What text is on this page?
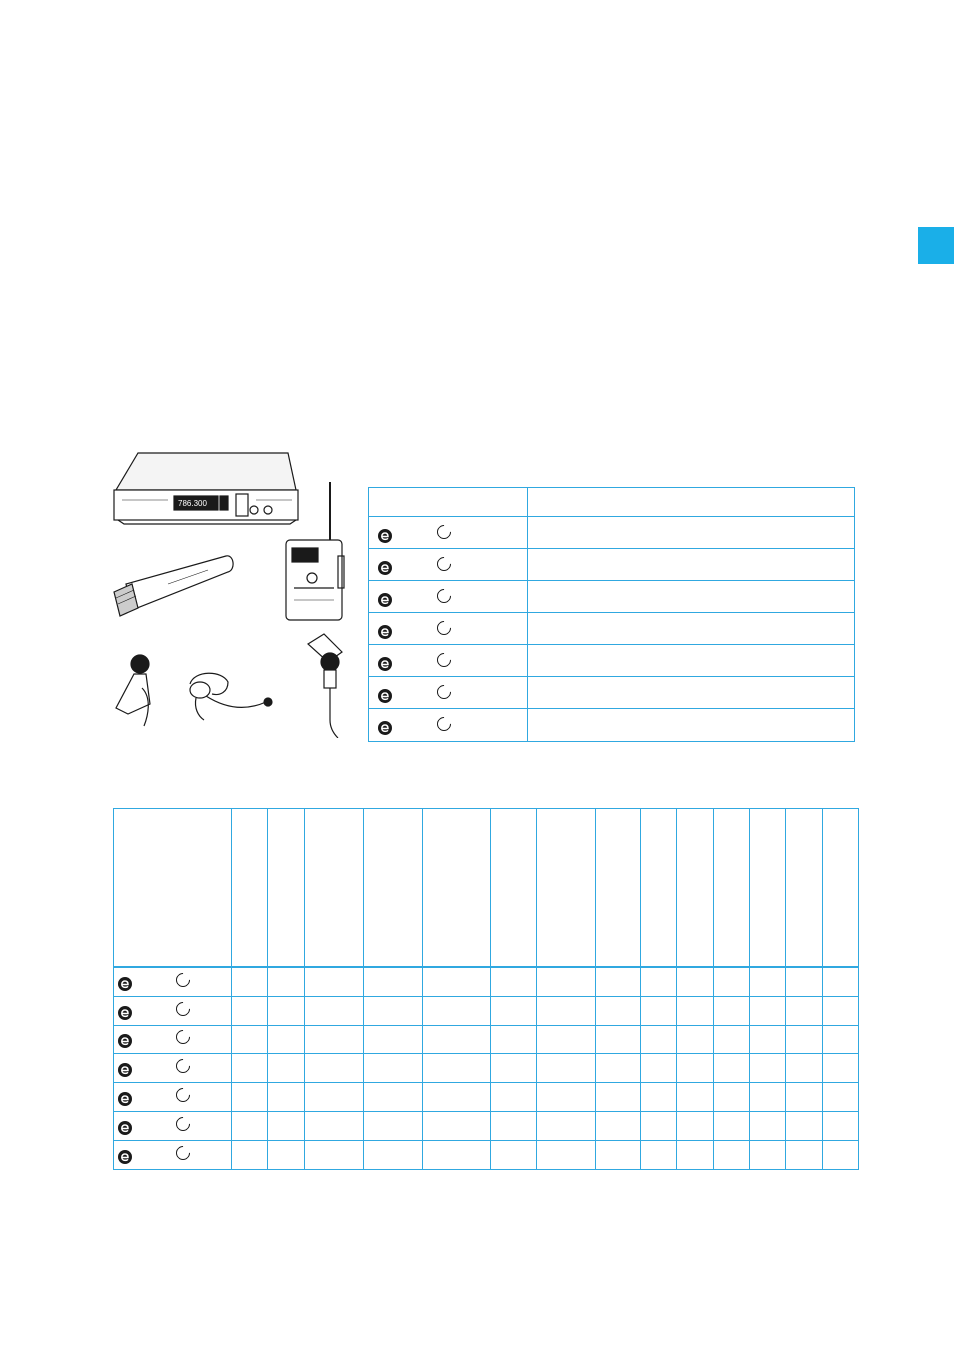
786.300
